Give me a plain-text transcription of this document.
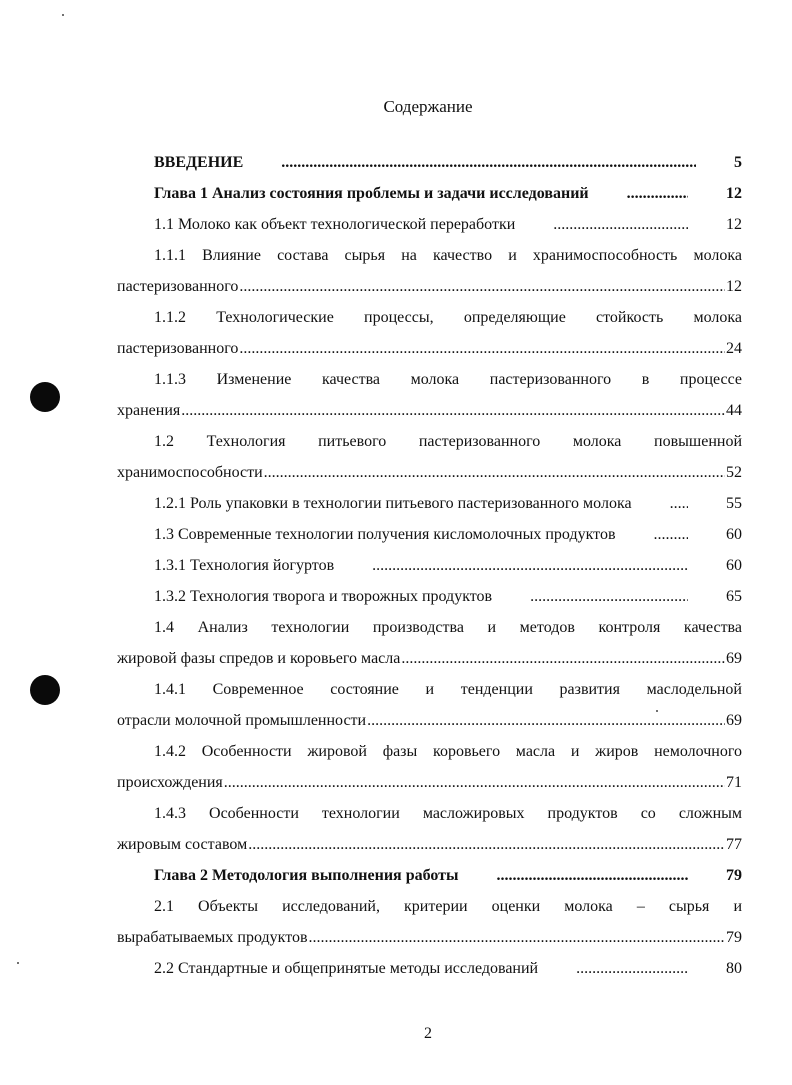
Содержание
ВВЕДЕНИЕ .....	5
Глава 1 Анализ состояния проблемы и задачи исследований .....	12
1.1 Молоко как объект технологической переработки .....	12
1.1.1 Влияние состава сырья на качество и хранимоспособность молока
пастеризованного .....	12
1.1.2 Технологические процессы, определяющие стойкость молока
пастеризованного .....	24
1.1.3 Изменение качества молока пастеризованного в процессе
хранения .....	44
1.2 Технология питьевого пастеризованного молока повышенной
хранимоспособности .....	52
1.2.1 Роль упаковки в технологии питьевого пастеризованного молока .....	55
1.3 Современные технологии получения кисломолочных продуктов .....	60
1.3.1 Технология йогуртов .....	60
1.3.2 Технология творога и творожных продуктов .....	65
1.4 Анализ технологии производства и методов контроля качества
жировой фазы спредов и коровьего масла .....	69
1.4.1 Современное состояние и тенденции развития маслодельной
отрасли молочной промышленности .....	69
1.4.2 Особенности жировой фазы коровьего масла и жиров немолочного
происхождения .....	71
1.4.3 Особенности технологии масложировых продуктов со сложным
жировым составом .....	77
Глава 2 Методология выполнения работы .....	79
2.1 Объекты исследований, критерии оценки молока – сырья и
вырабатываемых продуктов .....	79
2.2 Стандартные и общепринятые методы исследований .....	80
2
